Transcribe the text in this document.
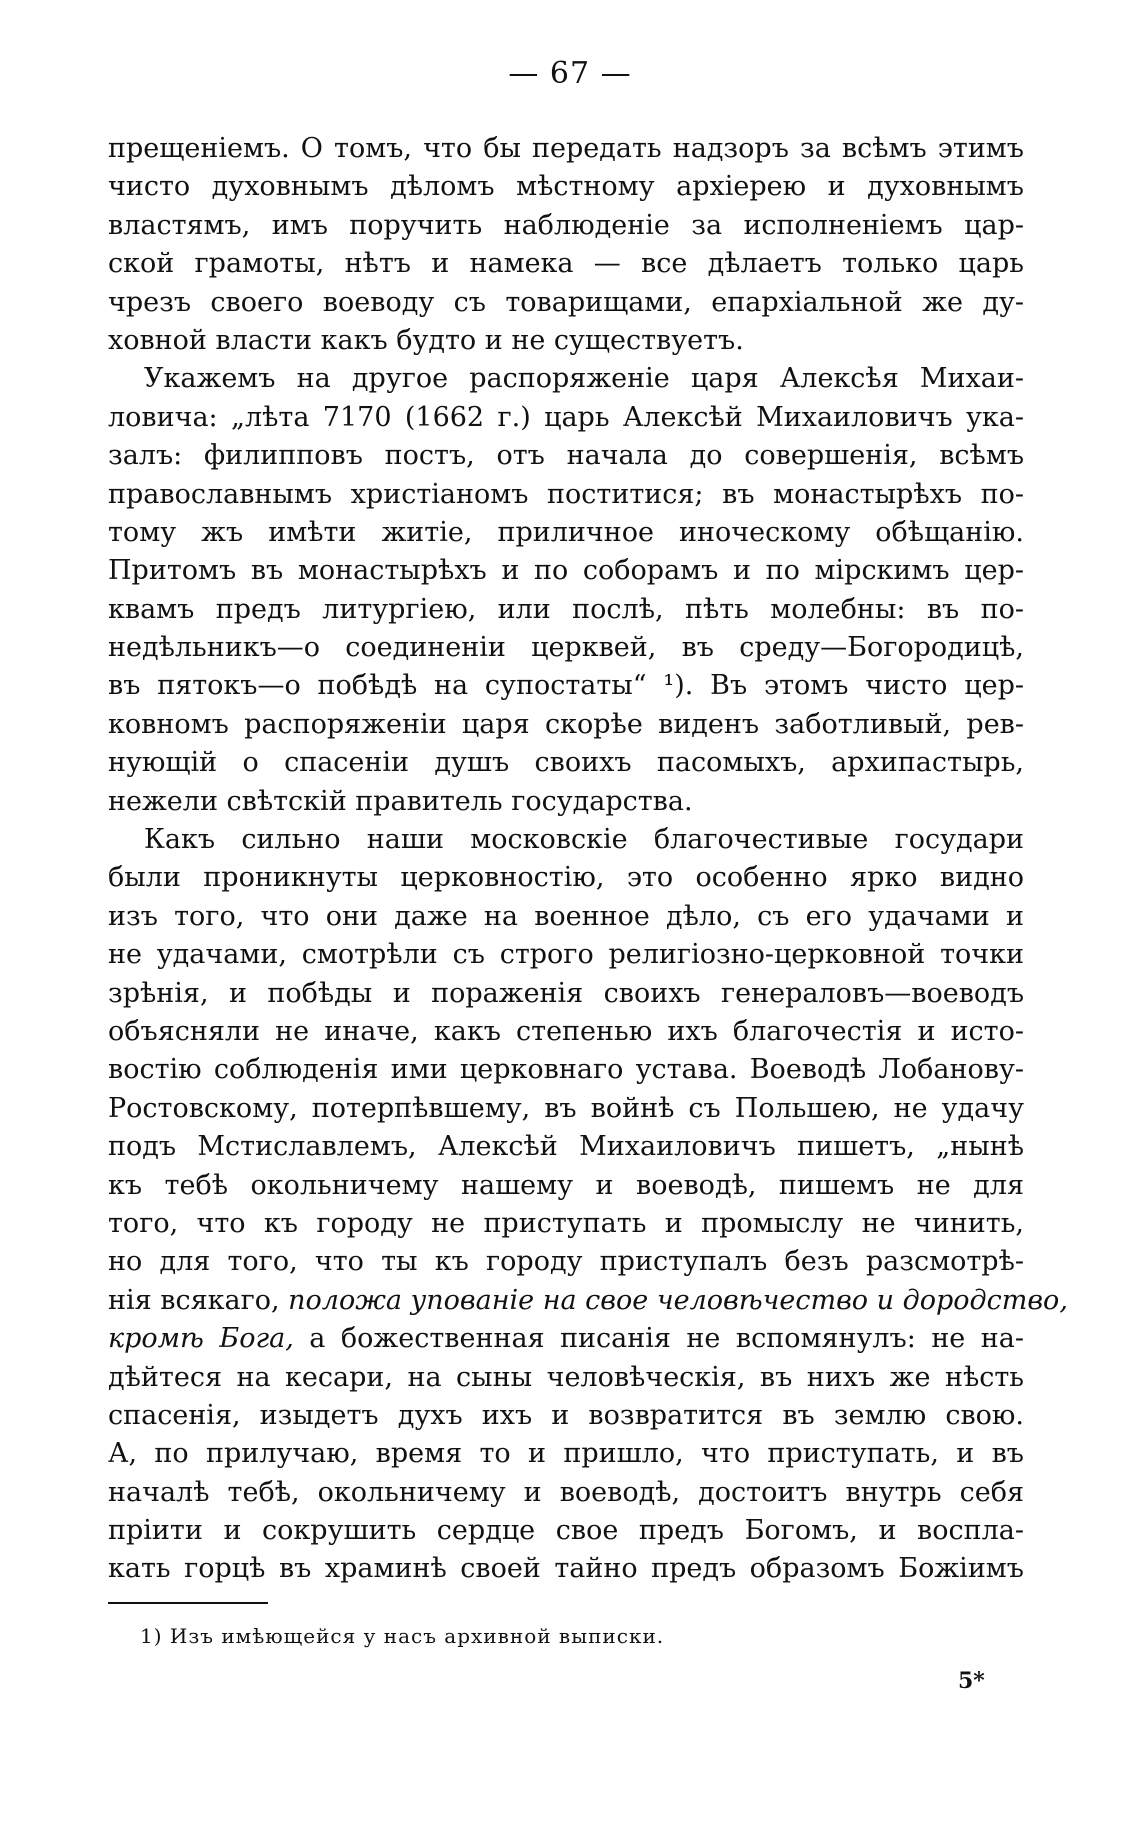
— 67 —
прещеніемъ. О томъ, что бы передать надзоръ за всѣмъ этимъ
чисто духовнымъ дѣломъ мѣстному архіерею и духовнымъ
властямъ, имъ поручить наблюденіе за исполненіемъ цар-
ской грамоты, нѣтъ и намека — все дѣлаетъ только царь
чрезъ своего воеводу съ товарищами, епархіальной же ду-
ховной власти какъ будто и не существуетъ.
Укажемъ на другое распоряженіе царя Алексѣя Михаи-
ловича: „лѣта 7170 (1662 г.) царь Алексѣй Михаиловичъ ука-
залъ: филипповъ постъ, отъ начала до совершенія, всѣмъ
православнымъ христіаномъ поститися; въ монастырѣхъ по-
тому жъ имѣти житіе, приличное иноческому обѣщанію.
Притомъ въ монастырѣхъ и по соборамъ и по мірскимъ цер-
квамъ предъ литургіею, или послѣ, пѣть молебны: въ по-
недѣльникъ—о соединеніи церквей, въ среду—Богородицѣ,
въ пятокъ—о побѣдѣ на супостаты“ ¹). Въ этомъ чисто цер-
ковномъ распоряженіи царя скорѣе виденъ заботливый, рев-
нующій о спасеніи душъ своихъ пасомыхъ, архипастырь,
нежели свѣтскій правитель государства.
Какъ сильно наши московскіе благочестивые государи
были проникнуты церковностію, это особенно ярко видно
изъ того, что они даже на военное дѣло, съ его удачами и
не удачами, смотрѣли съ строго религіозно-церковной точки
зрѣнія, и побѣды и пораженія своихъ генераловъ—воеводъ
объясняли не иначе, какъ степенью ихъ благочестія и исто-
востію соблюденія ими церковнаго устава. Воеводѣ Лобанову-
Ростовскому, потерпѣвшему, въ войнѣ съ Польшею, не удачу
подъ Мстиславлемъ, Алексѣй Михаиловичъ пишетъ, „нынѣ
къ тебѣ окольничему нашему и воеводѣ, пишемъ не для
того, что къ городу не приступать и промыслу не чинить,
но для того, что ты къ городу приступалъ безъ разсмотрѣ-
нія всякаго, положа упованіе на свое человѣчество и дородство,
кромѣ Бога, а божественная писанія не вспомянулъ: не на-
дѣйтеся на кесари, на сыны человѣческія, въ нихъ же нѣсть
спасенія, изыдетъ духъ ихъ и возвратится въ землю свою.
А, по прилучаю, время то и пришло, что приступать, и въ
началѣ тебѣ, окольничему и воеводѣ, достоитъ внутрь себя
пріити и сокрушить сердце свое предъ Богомъ, и воспла-
кать горцѣ въ храминѣ своей тайно предъ образомъ Божіимъ
1) Изъ имѣющейся у насъ архивной выписки.
5*
